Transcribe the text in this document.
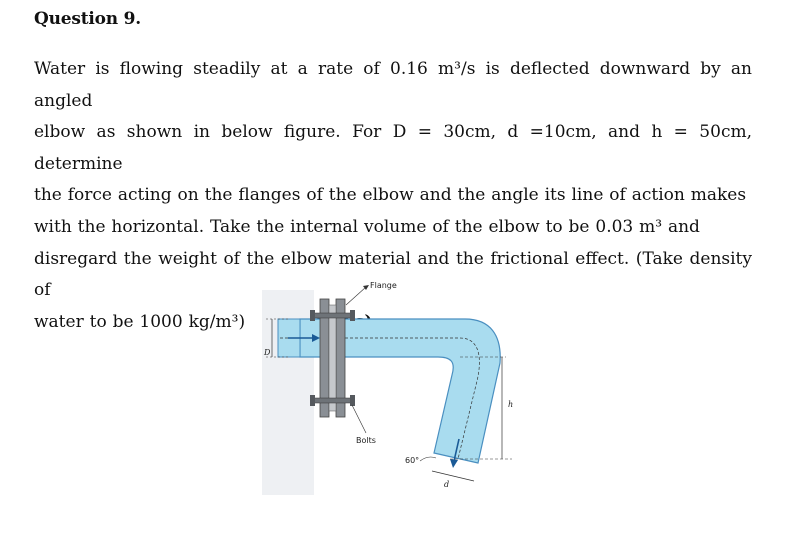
Question 9.
Water is flowing steadily at a rate of 0.16 m³/s is deflected downward by an angled
elbow as shown in below figure. For D = 30cm, d =10cm, and h = 50cm, determine
the force acting on the flanges of the elbow and the angle its line of action makes
with the horizontal. Take the internal volume of the elbow to be 0.03 m³ and
disregard the weight of the elbow material and the frictional effect. (Take density of
water to be 1000 kg/m³)
D
h
d
60°
Flange
Bolts
